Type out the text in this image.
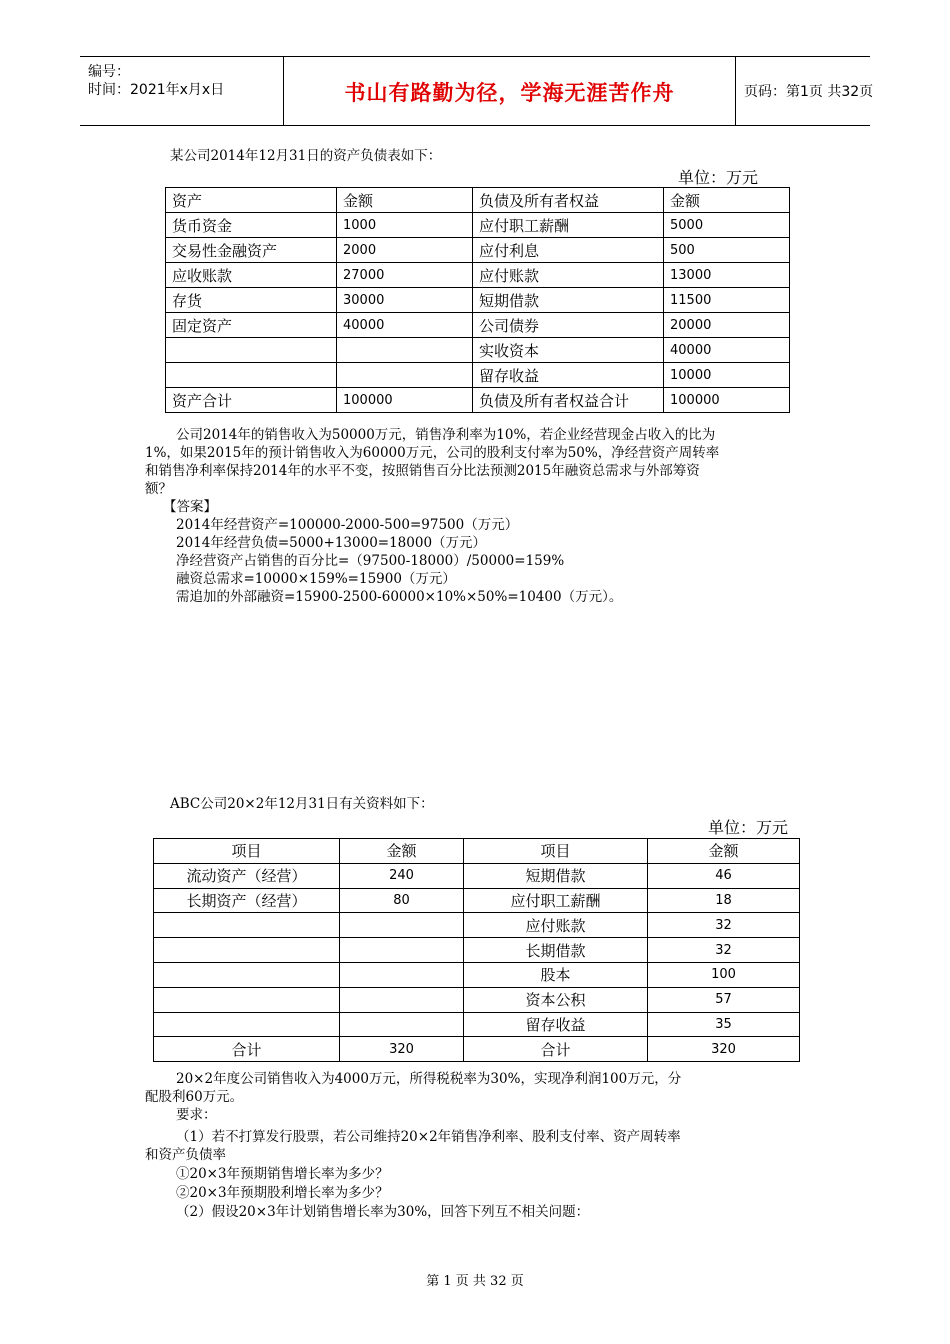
编号：
时间：2021年x月x日	书山有路勤为径，学海无涯苦作舟	页码：第1页 共32页
某公司2014年12月31日的资产负债表如下：
单位：万元
资产	金额	负债及所有者权益	金额
货币资金	1000	应付职工薪酬	5000
交易性金融资产	2000	应付利息	500
应收账款	27000	应付账款	13000
存货	30000	短期借款	11500
固定资产	40000	公司债券	20000
		实收资本	40000
		留存收益	10000
资产合计	100000	负债及所有者权益合计	100000
公司2014年的销售收入为50000万元，销售净利率为10%，若企业经营现金占收入的比为
1%，如果2015年的预计销售收入为60000万元，公司的股利支付率为50%，净经营资产周转率
和销售净利率保持2014年的水平不变，按照销售百分比法预测2015年融资总需求与外部筹资
额？
【答案】
2014年经营资产=100000-2000-500=97500（万元）
2014年经营负债=5000+13000=18000（万元）
净经营资产占销售的百分比=（97500-18000）/50000=159%
融资总需求=10000×159%=15900（万元）
需追加的外部融资=15900-2500-60000×10%×50%=10400（万元）。
ABC公司20×2年12月31日有关资料如下：
单位：万元
项目	金额	项目	金额
流动资产（经营）	240	短期借款	46
长期资产（经营）	80	应付职工薪酬	18
		应付账款	32
		长期借款	32
		股本	100
		资本公积	57
		留存收益	35
合计	320	合计	320
20×2年度公司销售收入为4000万元，所得税税率为30%，实现净利润100万元，分
配股利60万元。
要求：
（1）若不打算发行股票，若公司维持20×2年销售净利率、股利支付率、资产周转率
和资产负债率
①20×3年预期销售增长率为多少？
②20×3年预期股利增长率为多少？
（2）假设20×3年计划销售增长率为30%，回答下列互不相关问题：
第 1 页 共 32 页
